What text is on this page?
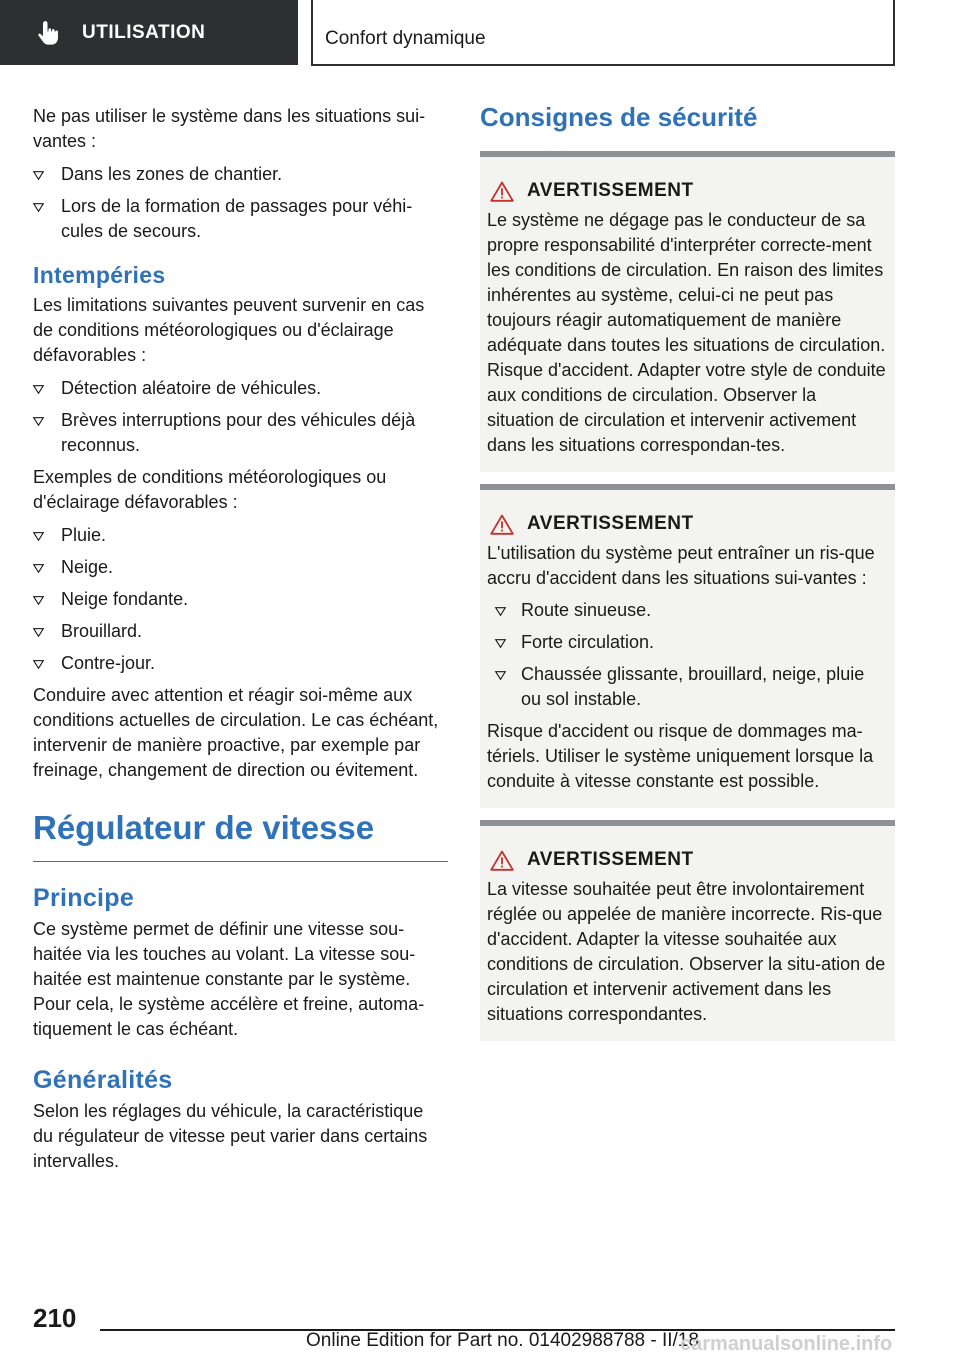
UTILISATION	Confort dynamique

Ne pas utiliser le système dans les situations sui-vantes :

Dans les zones de chantier.
Lors de la formation de passages pour véhi-cules de secours.
Intempéries

Les limitations suivantes peuvent survenir en cas de conditions météorologiques ou d'éclairage défavorables :

Détection aléatoire de véhicules.
Brèves interruptions pour des véhicules déjà reconnus.

Exemples de conditions météorologiques ou d'éclairage défavorables :

Pluie.
Neige.
Neige fondante.
Brouillard.
Contre-jour.

Conduire avec attention et réagir soi-même aux conditions actuelles de circulation. Le cas échéant, intervenir de manière proactive, par exemple par freinage, changement de direction ou évitement.

Régulateur de vitesse
Principe

Ce système permet de définir une vitesse sou-haitée via les touches au volant. La vitesse sou-haitée est maintenue constante par le système. Pour cela, le système accélère et freine, automa-tiquement le cas échéant.

Généralités

Selon les réglages du véhicule, la caractéristique du régulateur de vitesse peut varier dans certains intervalles.

Consignes de sécurité
AVERTISSEMENT

Le système ne dégage pas le conducteur de sa propre responsabilité d'interpréter correcte-ment les conditions de circulation. En raison des limites inhérentes au système, celui-ci ne peut pas toujours réagir automatiquement de manière adéquate dans toutes les situations de circulation. Risque d'accident. Adapter votre style de conduite aux conditions de circulation. Observer la situation de circulation et intervenir activement dans les situations correspondan-tes.

AVERTISSEMENT

L'utilisation du système peut entraîner un ris-que accru d'accident dans les situations sui-vantes :

Route sinueuse.
Forte circulation.
Chaussée glissante, brouillard, neige, pluie ou sol instable.

Risque d'accident ou risque de dommages ma-tériels. Utiliser le système uniquement lorsque la conduite à vitesse constante est possible.

AVERTISSEMENT

La vitesse souhaitée peut être involontairement réglée ou appelée de manière incorrecte. Ris-que d'accident. Adapter la vitesse souhaitée aux conditions de circulation. Observer la situ-ation de circulation et intervenir activement dans les situations correspondantes.

210
Online Edition for Part no. 01402988788 - II/18
carmanualsonline.info
